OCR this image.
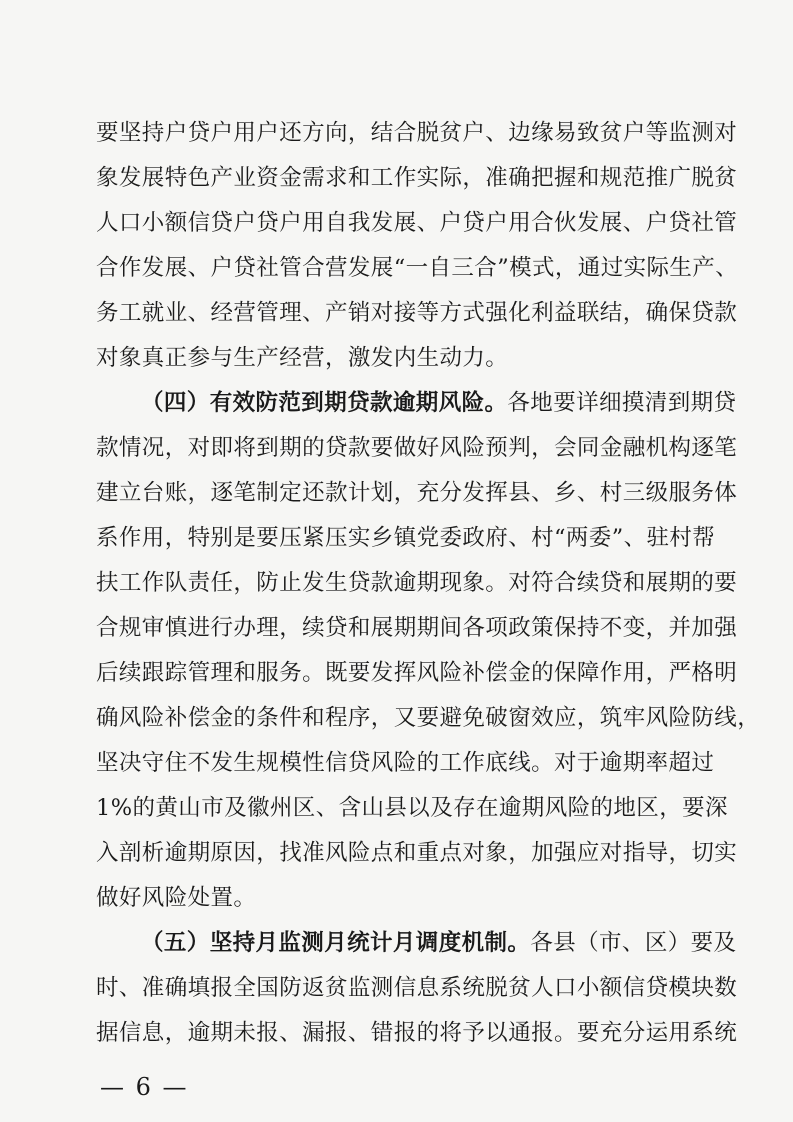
要坚持户贷户用户还方向，结合脱贫户、边缘易致贫户等监测对
象发展特色产业资金需求和工作实际，准确把握和规范推广脱贫
人口小额信贷户贷户用自我发展、户贷户用合伙发展、户贷社管
合作发展、户贷社管合营发展“一自三合”模式，通过实际生产、
务工就业、经营管理、产销对接等方式强化利益联结，确保贷款
对象真正参与生产经营，激发内生动力。
（四）有效防范到期贷款逾期风险。各地要详细摸清到期贷
款情况，对即将到期的贷款要做好风险预判，会同金融机构逐笔
建立台账，逐笔制定还款计划，充分发挥县、乡、村三级服务体
系作用，特别是要压紧压实乡镇党委政府、村“两委”、驻村帮
扶工作队责任，防止发生贷款逾期现象。对符合续贷和展期的要
合规审慎进行办理，续贷和展期期间各项政策保持不变，并加强
后续跟踪管理和服务。既要发挥风险补偿金的保障作用，严格明
确风险补偿金的条件和程序，又要避免破窗效应，筑牢风险防线，
坚决守住不发生规模性信贷风险的工作底线。对于逾期率超过
1%的黄山市及徽州区、含山县以及存在逾期风险的地区，要深
入剖析逾期原因，找准风险点和重点对象，加强应对指导，切实
做好风险处置。
（五）坚持月监测月统计月调度机制。各县（市、区）要及
时、准确填报全国防返贫监测信息系统脱贫人口小额信贷模块数
据信息，逾期未报、漏报、错报的将予以通报。要充分运用系统
— 6 —
